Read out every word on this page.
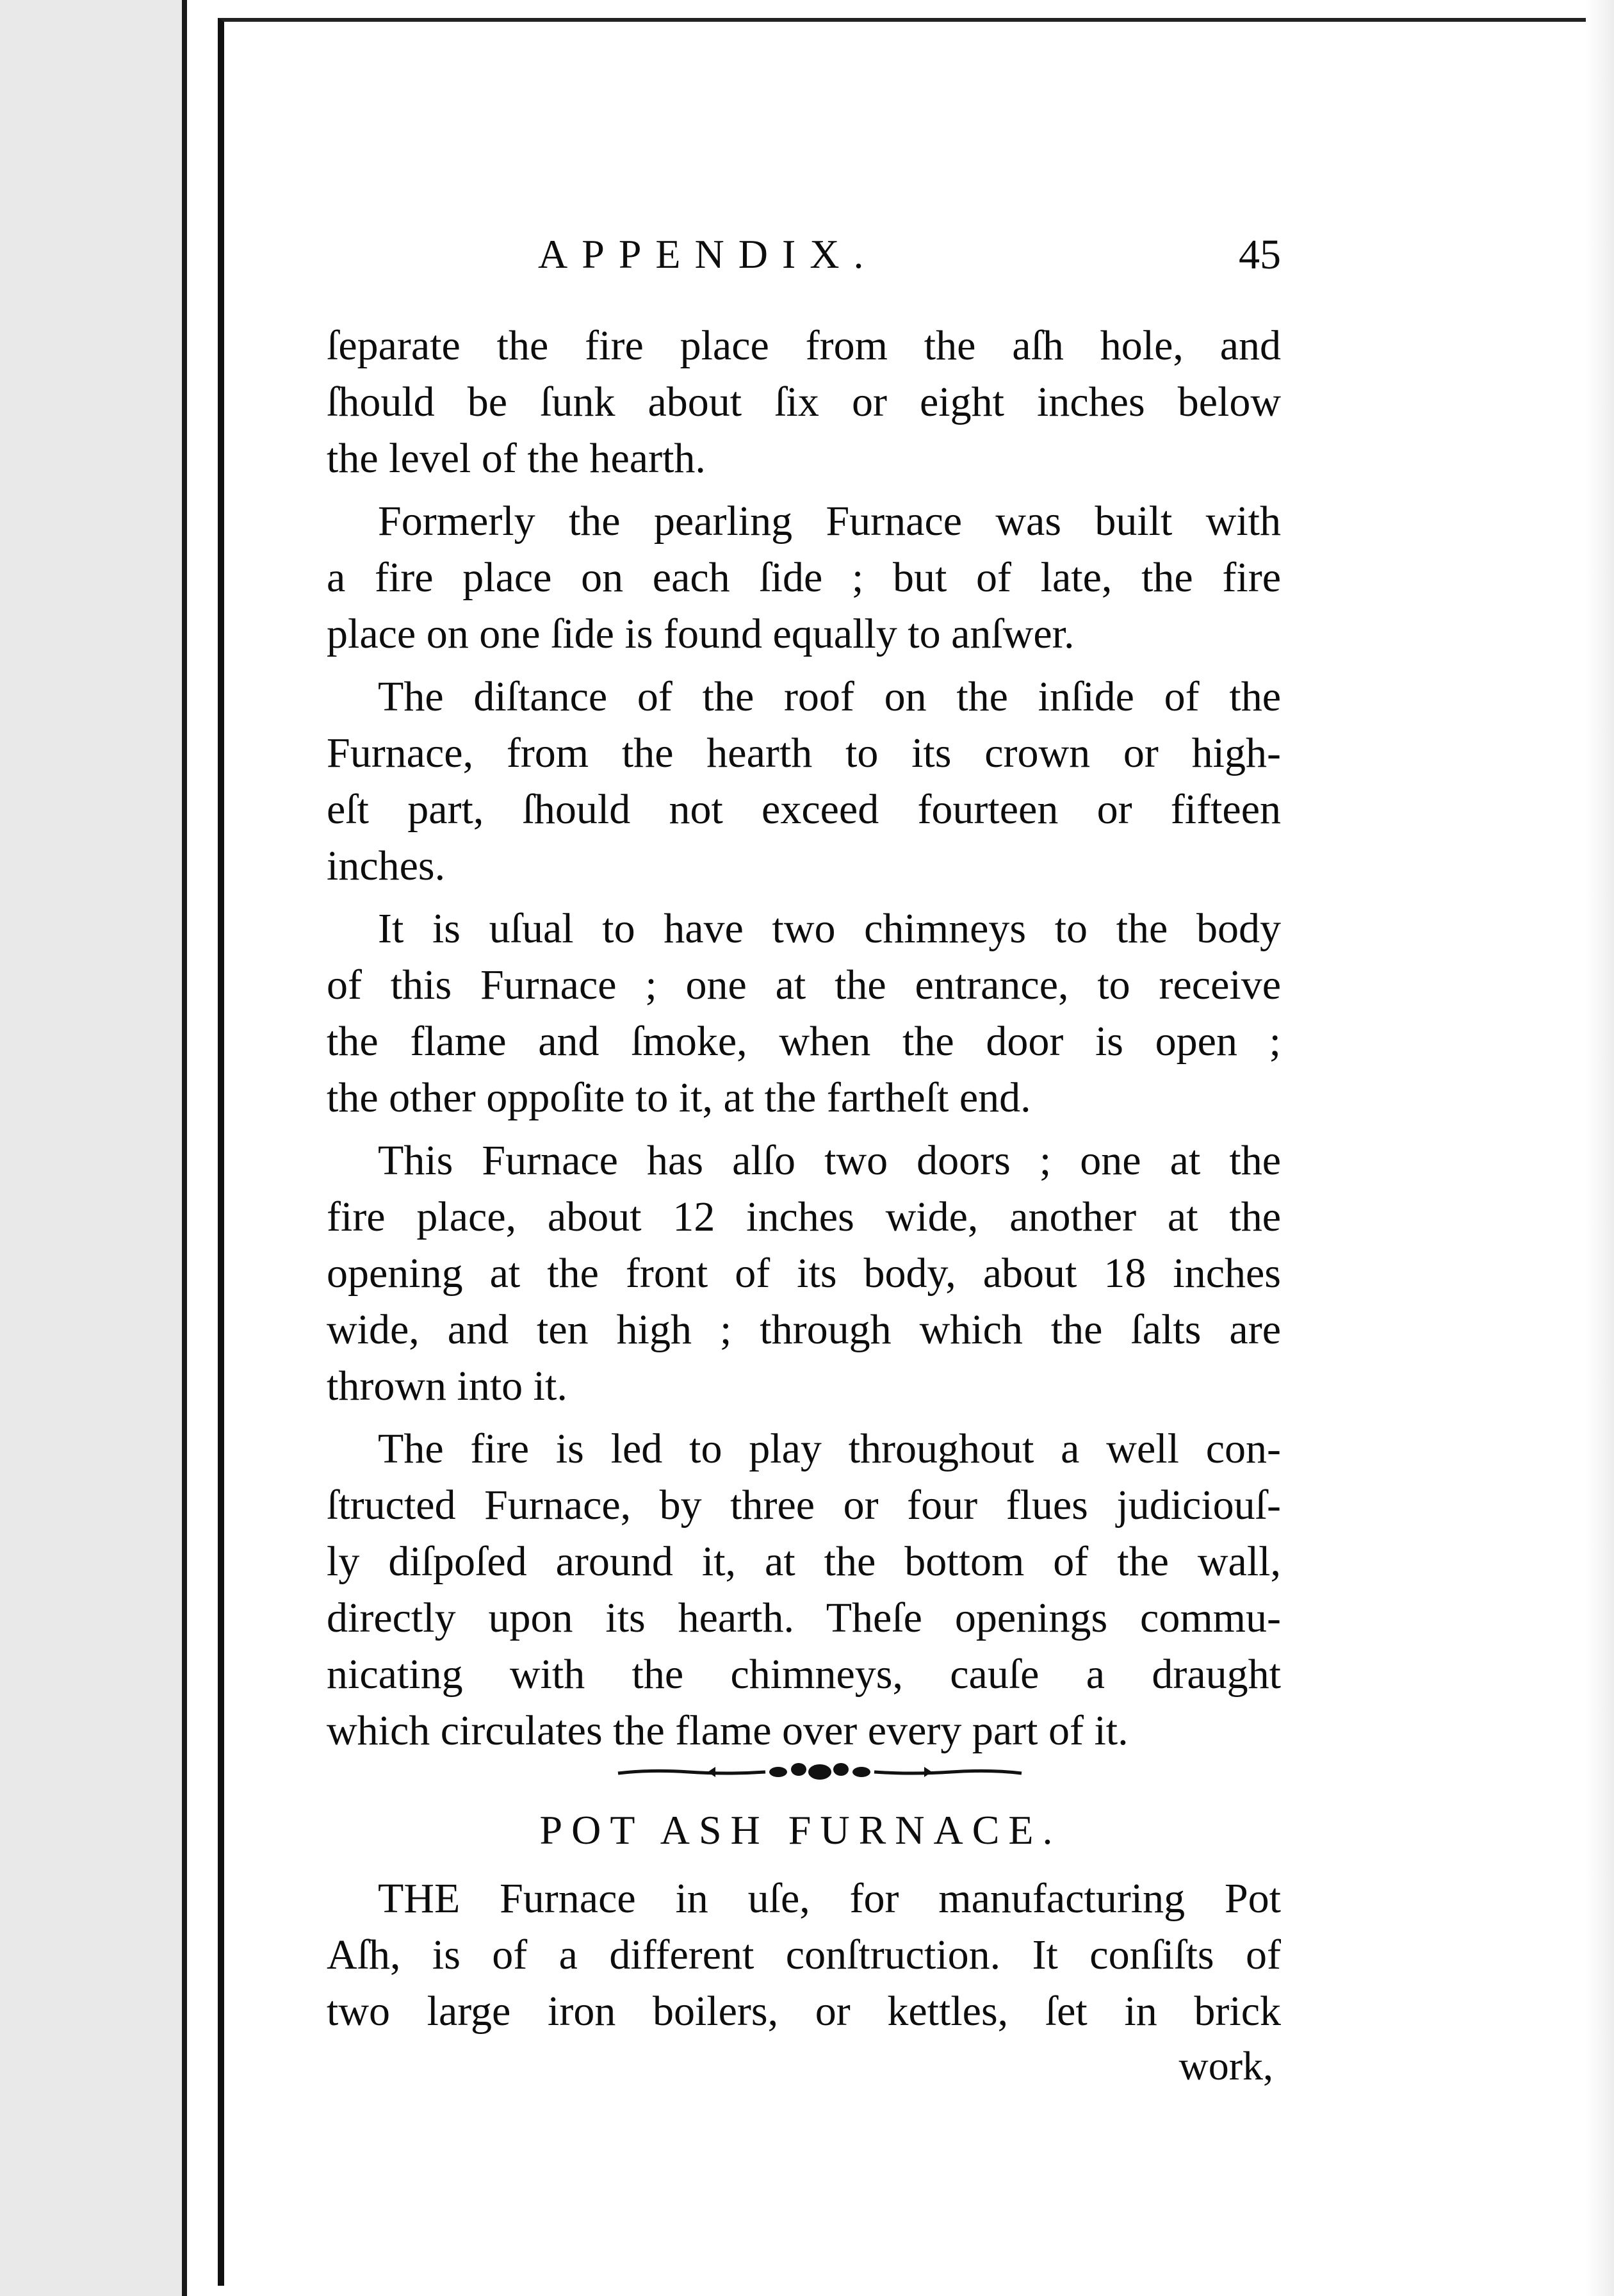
APPENDIX.	45
ſeparate the fire place from the aſh hole, and
ſhould be ſunk about ſix or eight inches below
the level of the hearth.
Formerly the pearling Furnace was built with
a fire place on each ſide ; but of late, the fire
place on one ſide is found equally to anſwer.
The diſtance of the roof on the inſide of the
Furnace, from the hearth to its crown or high-
eſt part, ſhould not exceed fourteen or fifteen
inches.
It is uſual to have two chimneys to the body
of this Furnace ; one at the entrance, to receive
the flame and ſmoke, when the door is open ;
the other oppoſite to it, at the fartheſt end.
This Furnace has alſo two doors ; one at the
fire place, about 12 inches wide, another at the
opening at the front of its body, about 18 inches
wide, and ten high ; through which the ſalts are
thrown into it.
The fire is led to play throughout a well con-
ſtructed Furnace, by three or four flues judiciouſ-
ly diſpoſed around it, at the bottom of the wall,
directly upon its hearth. Theſe openings commu-
nicating with the chimneys, cauſe a draught
which circulates the flame over every part of it.
POT ASH FURNACE.
THE Furnace in uſe, for manufacturing Pot
Aſh, is of a different conſtruction. It conſiſts of
two large iron boilers, or kettles, ſet in brick
work,
